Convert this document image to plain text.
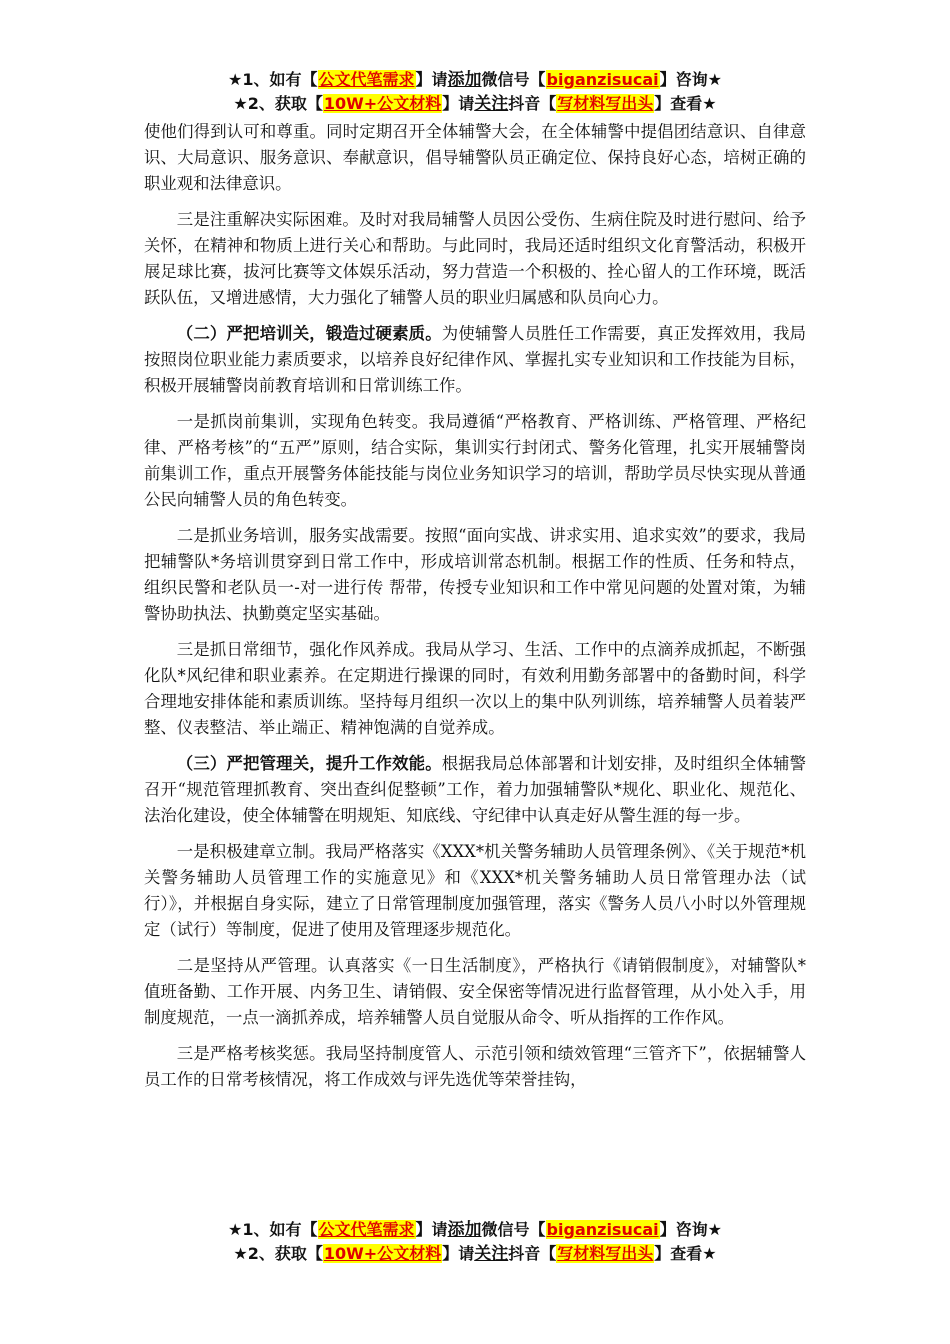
★1、如有【公文代笔需求】请添加微信号【biganzisucai】咨询★
★2、获取【10W+公文材料】请关注抖音【写材料写出头】查看★

使他们得到认可和尊重。同时定期召开全体辅警大会，在全体辅警中提倡团结意识、自律意识、大局意识、服务意识、奉献意识，倡导辅警队员正确定位、保持良好心态，培树正确的职业观和法律意识。

三是注重解决实际困难。及时对我局辅警人员因公受伤、生病住院及时进行慰问、给予关怀，在精神和物质上进行关心和帮助。与此同时，我局还适时组织文化育警活动，积极开展足球比赛，拔河比赛等文体娱乐活动，努力营造一个积极的、拴心留人的工作环境，既活跃队伍，又增进感情，大力强化了辅警人员的职业归属感和队员向心力。

（二）严把培训关，锻造过硬素质。为使辅警人员胜任工作需要，真正发挥效用，我局按照岗位职业能力素质要求，以培养良好纪律作风、掌握扎实专业知识和工作技能为目标，积极开展辅警岗前教育培训和日常训练工作。

一是抓岗前集训，实现角色转变。我局遵循“严格教育、严格训练、严格管理、严格纪律、严格考核”的“五严”原则，结合实际，集训实行封闭式、警务化管理，扎实开展辅警岗前集训工作，重点开展警务体能技能与岗位业务知识学习的培训，帮助学员尽快实现从普通公民向辅警人员的角色转变。

二是抓业务培训，服务实战需要。按照“面向实战、讲求实用、追求实效”的要求，我局把辅警队*务培训贯穿到日常工作中，形成培训常态机制。根据工作的性质、任务和特点，组织民警和老队员一-对一进行传 帮带，传授专业知识和工作中常见问题的处置对策，为辅警协助执法、执勤奠定坚实基础。

三是抓日常细节，强化作风养成。我局从学习、生活、工作中的点滴养成抓起，不断强化队*风纪律和职业素养。在定期进行操课的同时，有效利用勤务部署中的备勤时间，科学合理地安排体能和素质训练。坚持每月组织一次以上的集中队列训练，培养辅警人员着装严整、仪表整洁、举止端正、精神饱满的自觉养成。

（三）严把管理关，提升工作效能。根据我局总体部署和计划安排，及时组织全体辅警召开“规范管理抓教育、突出查纠促整顿”工作，着力加强辅警队*规化、职业化、规范化、法治化建设，使全体辅警在明规矩、知底线、守纪律中认真走好从警生涯的每一步。

一是积极建章立制。我局严格落实《XXX*机关警务辅助人员管理条例》、《关于规范*机关警务辅助人员管理工作的实施意见》和《XXX*机关警务辅助人员日常管理办法（试行）》，并根据自身实际，建立了日常管理制度加强管理，落实《警务人员八小时以外管理规定（试行）等制度，促进了使用及管理逐步规范化。

二是坚持从严管理。认真落实《一日生活制度》，严格执行《请销假制度》，对辅警队*值班备勤、工作开展、内务卫生、请销假、安全保密等情况进行监督管理，从小处入手，用制度规范，一点一滴抓养成，培养辅警人员自觉服从命令、听从指挥的工作作风。

三是严格考核奖惩。我局坚持制度管人、示范引领和绩效管理“三管齐下”，依据辅警人员工作的日常考核情况，将工作成效与评先选优等荣誉挂钩，

★1、如有【公文代笔需求】请添加微信号【biganzisucai】咨询★
★2、获取【10W+公文材料】请关注抖音【写材料写出头】查看★
